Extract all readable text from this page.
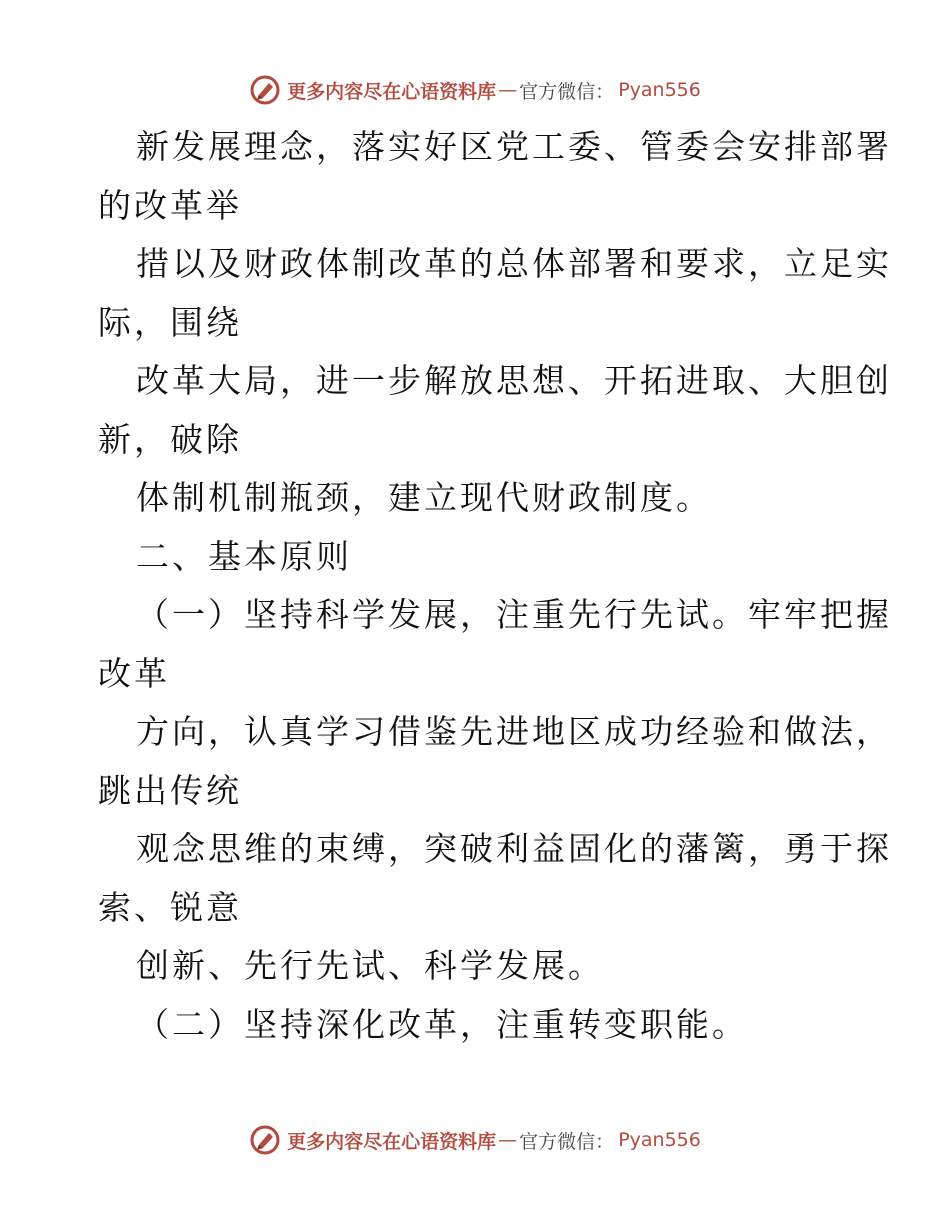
更多内容尽在心语资料库 — 官方微信： Pyan556
新发展理念，落实好区党工委、管委会安排部署
的改革举
措以及财政体制改革的总体部署和要求，立足实
际，围绕
改革大局，进一步解放思想、开拓进取、大胆创
新，破除
体制机制瓶颈，建立现代财政制度。
二、基本原则
（一）坚持科学发展，注重先行先试。牢牢把握
改革
方向，认真学习借鉴先进地区成功经验和做法，
跳出传统
观念思维的束缚，突破利益固化的藩篱，勇于探
索、锐意
创新、先行先试、科学发展。
（二）坚持深化改革，注重转变职能。
更多内容尽在心语资料库 — 官方微信： Pyan556
